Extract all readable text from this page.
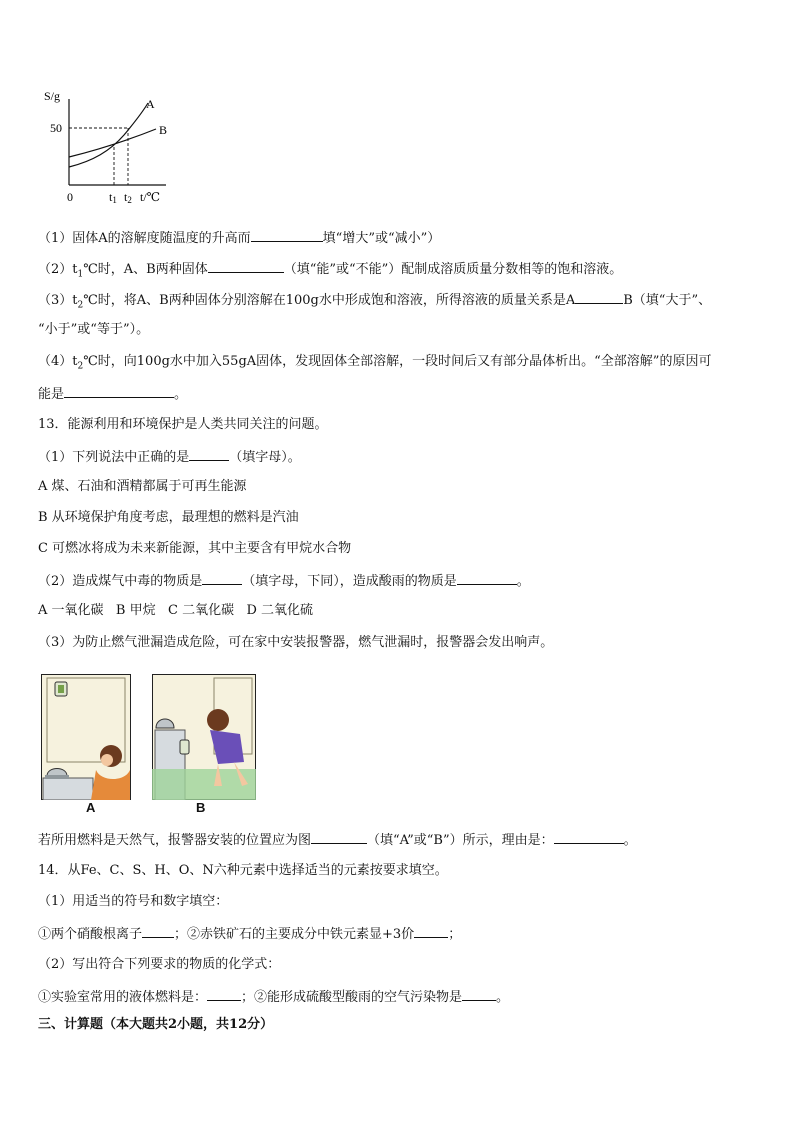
S/g
50
0
A
B
t1 t2 t/℃
（1）固体A的溶解度随温度的升高而	填“增大”或“减小”）
$(2)t_1℃$时，A、B两种固体	（填“能”或“不能”）配制成溶质质量分数相等的饱和溶液。
$(3)t_2℃$时，将A、B两种固体分别溶解在100g水中形成饱和溶液，所得溶液的质量关系是A	B（填“大于”、
“小于”或“等于”）。
$(4)t_2℃$时，向100g水中加入55gA固体，发现固体全部溶解，一段时间后又有部分晶体析出。“全部溶解”的原因可
能是	。
13．能源利用和环境保护是人类共同关注的问题。
（1）下列说法中正确的是	（填字母）。
A 煤、石油和酒精都属于可再生能源
B 从环境保护角度考虑，最理想的燃料是汽油
C 可燃冰将成为未来新能源，其中主要含有甲烷水合物
（2）造成煤气中毒的物质是	（填字母，下同），造成酸雨的物质是	。
A 一氧化碳   B 甲烷   C 二氧化碳   D 二氧化硫
（3）为防止燃气泄漏造成危险，可在家中安装报警器，燃气泄漏时，报警器会发出响声。
A	B
若所用燃料是天然气，报警器安装的位置应为图	（填“A”或“B”）所示，理由是：	。
14．从Fe、C、S、H、O、N六种元素中选择适当的元素按要求填空。
（1）用适当的符号和数字填空：
①两个硝酸根离子 ；②赤铁矿石的主要成分中铁元素显+3价	；
（2）写出符合下列要求的物质的化学式：
①实验室常用的液体燃料是：	；②能形成硫酸型酸雨的空气污染物是	。
三、计算题（本大题共2小题，共12分）
